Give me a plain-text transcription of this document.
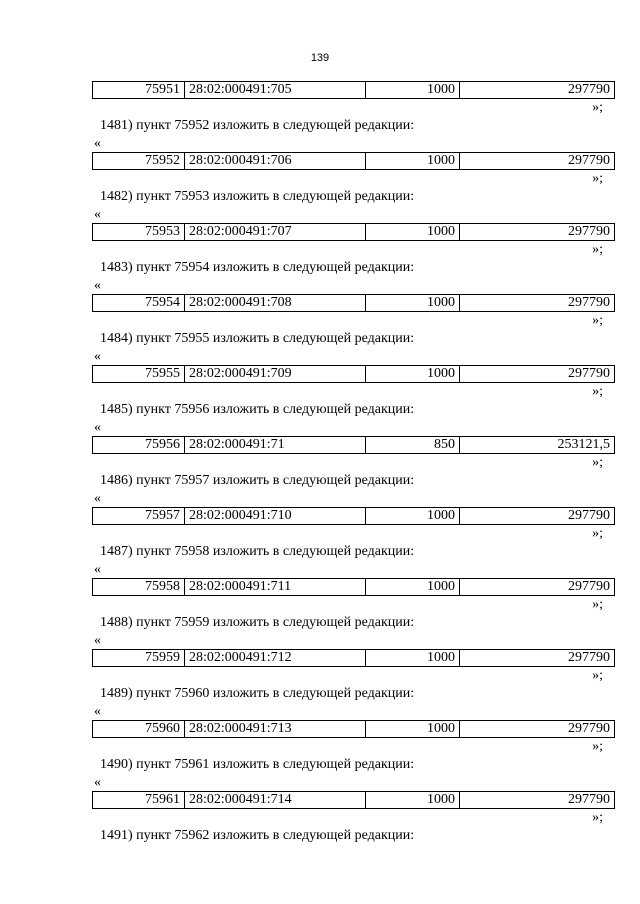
139
75951	28:02:000491:705	1000	297790
»;
1481) пункт 75952 изложить в следующей редакции:
«
75952	28:02:000491:706	1000	297790
»;
1482) пункт 75953 изложить в следующей редакции:
«
75953	28:02:000491:707	1000	297790
»;
1483) пункт 75954 изложить в следующей редакции:
«
75954	28:02:000491:708	1000	297790
»;
1484) пункт 75955 изложить в следующей редакции:
«
75955	28:02:000491:709	1000	297790
»;
1485) пункт 75956 изложить в следующей редакции:
«
75956	28:02:000491:71	850	253121,5
»;
1486) пункт 75957 изложить в следующей редакции:
«
75957	28:02:000491:710	1000	297790
»;
1487) пункт 75958 изложить в следующей редакции:
«
75958	28:02:000491:711	1000	297790
»;
1488) пункт 75959 изложить в следующей редакции:
«
75959	28:02:000491:712	1000	297790
»;
1489) пункт 75960 изложить в следующей редакции:
«
75960	28:02:000491:713	1000	297790
»;
1490) пункт 75961 изложить в следующей редакции:
«
75961	28:02:000491:714	1000	297790
»;
1491) пункт 75962 изложить в следующей редакции:
